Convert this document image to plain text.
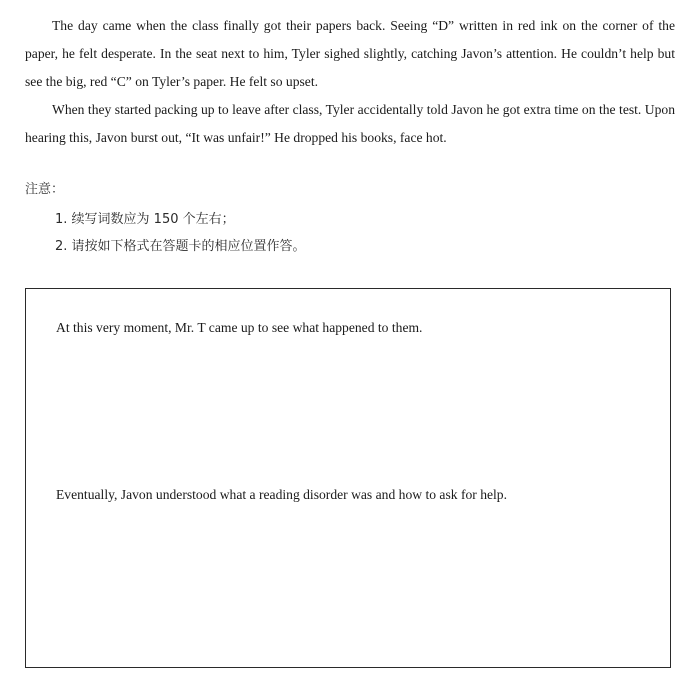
The day came when the class finally got their papers back. Seeing “D” written in red ink on the corner of the paper, he felt desperate. In the seat next to him, Tyler sighed slightly, catching Javon’s attention. He couldn’t help but see the big, red “C” on Tyler’s paper. He felt so upset.

When they started packing up to leave after class, Tyler accidentally told Javon he got extra time on the test. Upon hearing this, Javon burst out, “It was unfair!” He dropped his books, face hot.

注意：
1. 续写词数应为 150 个左右；
2. 请按如下格式在答题卡的相应位置作答。

At this very moment, Mr. T came up to see what happened to them.

Eventually, Javon understood what a reading disorder was and how to ask for help.
